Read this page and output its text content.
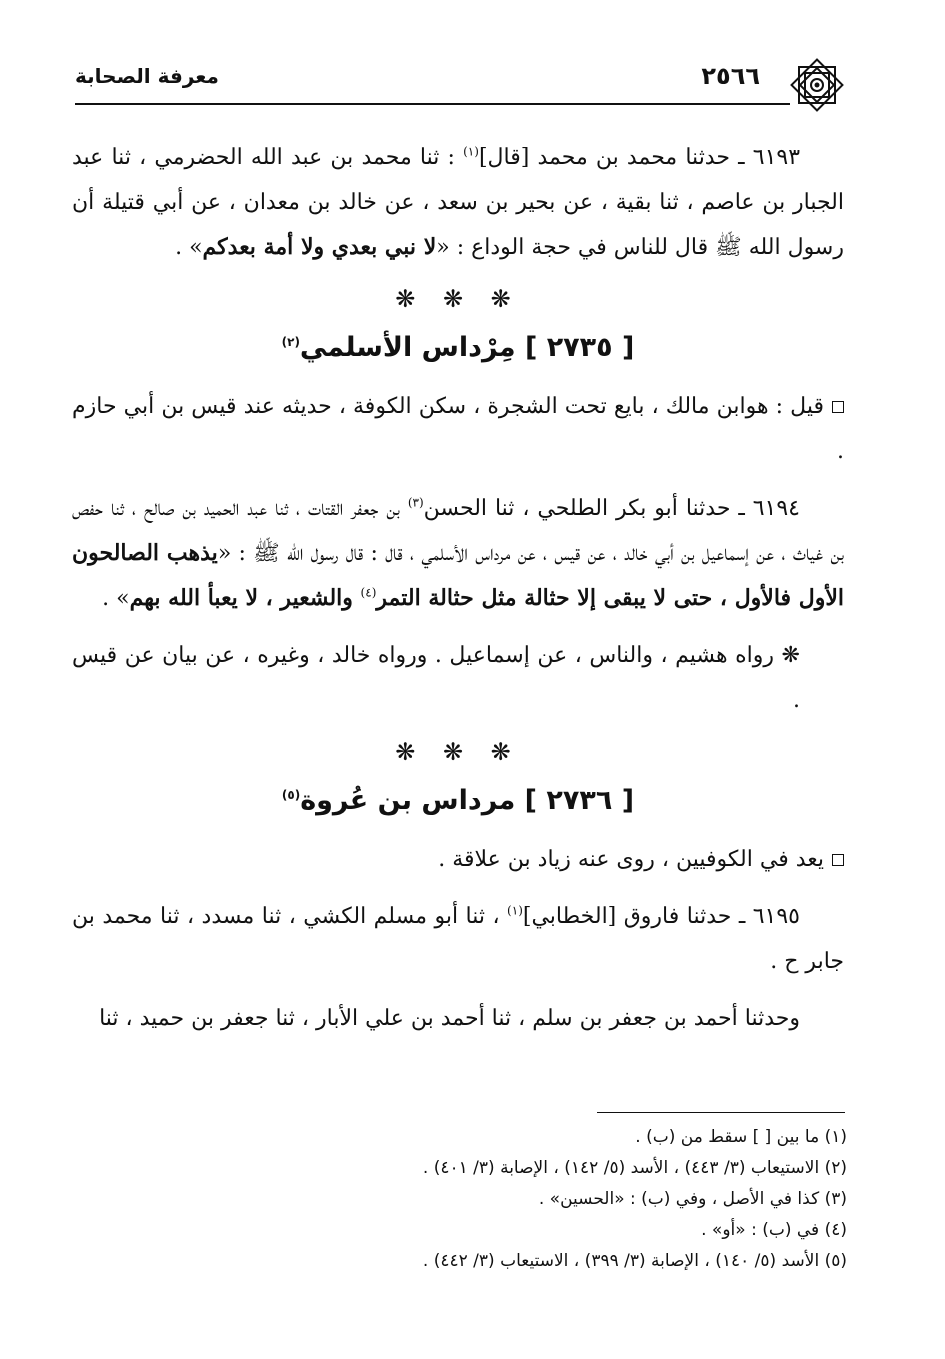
٢٥٦٦
معرفة الصحابة

٦١٩٣ ـ حدثنا محمد بن محمد [قال]$^{(١)}$ : ثنا محمد بن عبد الله الحضرمي ، ثنا عبد الجبار بن عاصم ، ثنا بقية ، عن بحير بن سعد ، عن خالد بن معدان ، عن أبي قتيلة أن رسول الله ﷺ قال للناس في حجة الوداع : «لا نبي بعدي ولا أمة بعدكم» .

❋ ❋ ❋
[ ٢٧٣٥ ] مِرْداس الأسلمي$^{(٢)}$

قيل : هوابن مالك ، بايع تحت الشجرة ، سكن الكوفة ، حديثه عند قيس بن أبي حازم .

٦١٩٤ ـ حدثنا أبو بكر الطلحي ، ثنا الحسن$^{(٣)}$ بن جعفر القتات ، ثنا عبد الحميد بن صالح ، ثنا حفص بن غياث ، عن إسماعيل بن أبي خالد ، عن قيس ، عن مرداس الأسلمي ، قال : قال رسول الله ﷺ : «يذهب الصالحون الأول فالأول ، حتى لا يبقى إلا حثالة مثل حثالة التمر$^{(٤)}$ والشعير ، لا يعبأ الله بهم» .

❋ رواه هشيم ، والناس ، عن إسماعيل . ورواه خالد ، وغيره ، عن بيان عن قيس .

❋ ❋ ❋
[ ٢٧٣٦ ] مرداس بن عُروة$^{(٥)}$

يعد في الكوفيين ، روى عنه زياد بن علاقة .

٦١٩٥ ـ حدثنا فاروق [الخطابي]$^{(١)}$ ، ثنا أبو مسلم الكشي ، ثنا مسدد ، ثنا محمد بن جابر ح .

وحدثنا أحمد بن جعفر بن سلم ، ثنا أحمد بن علي الأبار ، ثنا جعفر بن حميد ، ثنا

(١) ما بين [ ] سقط من (ب) .
(٢) الاستيعاب (٣/ ٤٤٣) ، الأسد (٥/ ١٤٢) ، الإصابة (٣/ ٤٠١) .
(٣) كذا في الأصل ، وفي (ب) : «الحسين» .
(٤) في (ب) : «أو» .
(٥) الأسد (٥/ ١٤٠) ، الإصابة (٣/ ٣٩٩) ، الاستيعاب (٣/ ٤٤٢) .
